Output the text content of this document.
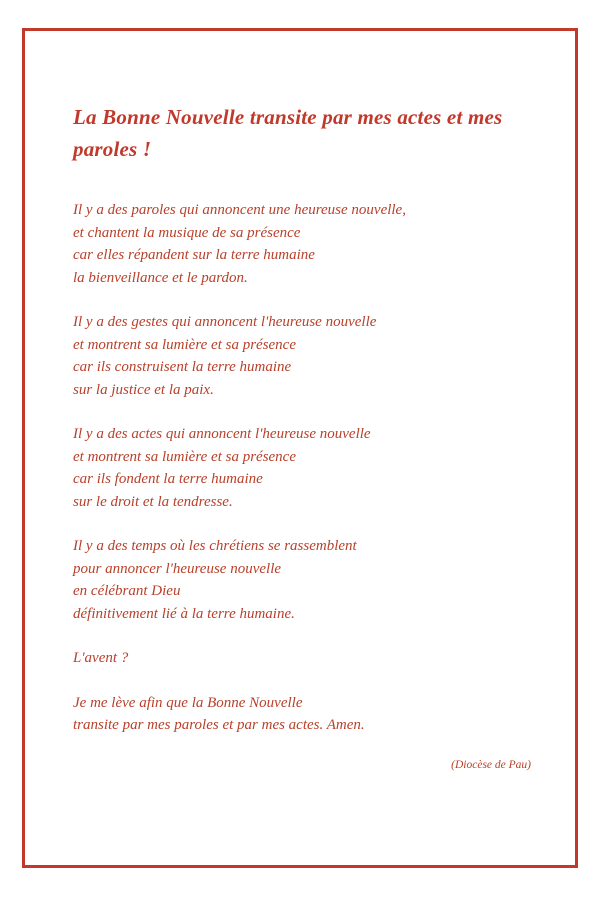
La Bonne Nouvelle transite par mes actes et mes paroles !

Il y a des paroles qui annoncent une heureuse nouvelle,
et chantent la musique de sa présence
car elles répandent sur la terre humaine
la bienveillance et le pardon.

Il y a des gestes qui annoncent l'heureuse nouvelle
et montrent sa lumière et sa présence
car ils construisent la terre humaine
sur la justice et la paix.

Il y a des actes qui annoncent l'heureuse nouvelle
et montrent sa lumière et sa présence
car ils fondent la terre humaine
sur le droit et la tendresse.

Il y a des temps où les chrétiens se rassemblent
pour annoncer l'heureuse nouvelle
en célébrant Dieu
définitivement lié à la terre humaine.

L'avent ?

Je me lève afin que la Bonne Nouvelle
transite par mes paroles et par mes actes. Amen.

(Diocèse de Pau)
